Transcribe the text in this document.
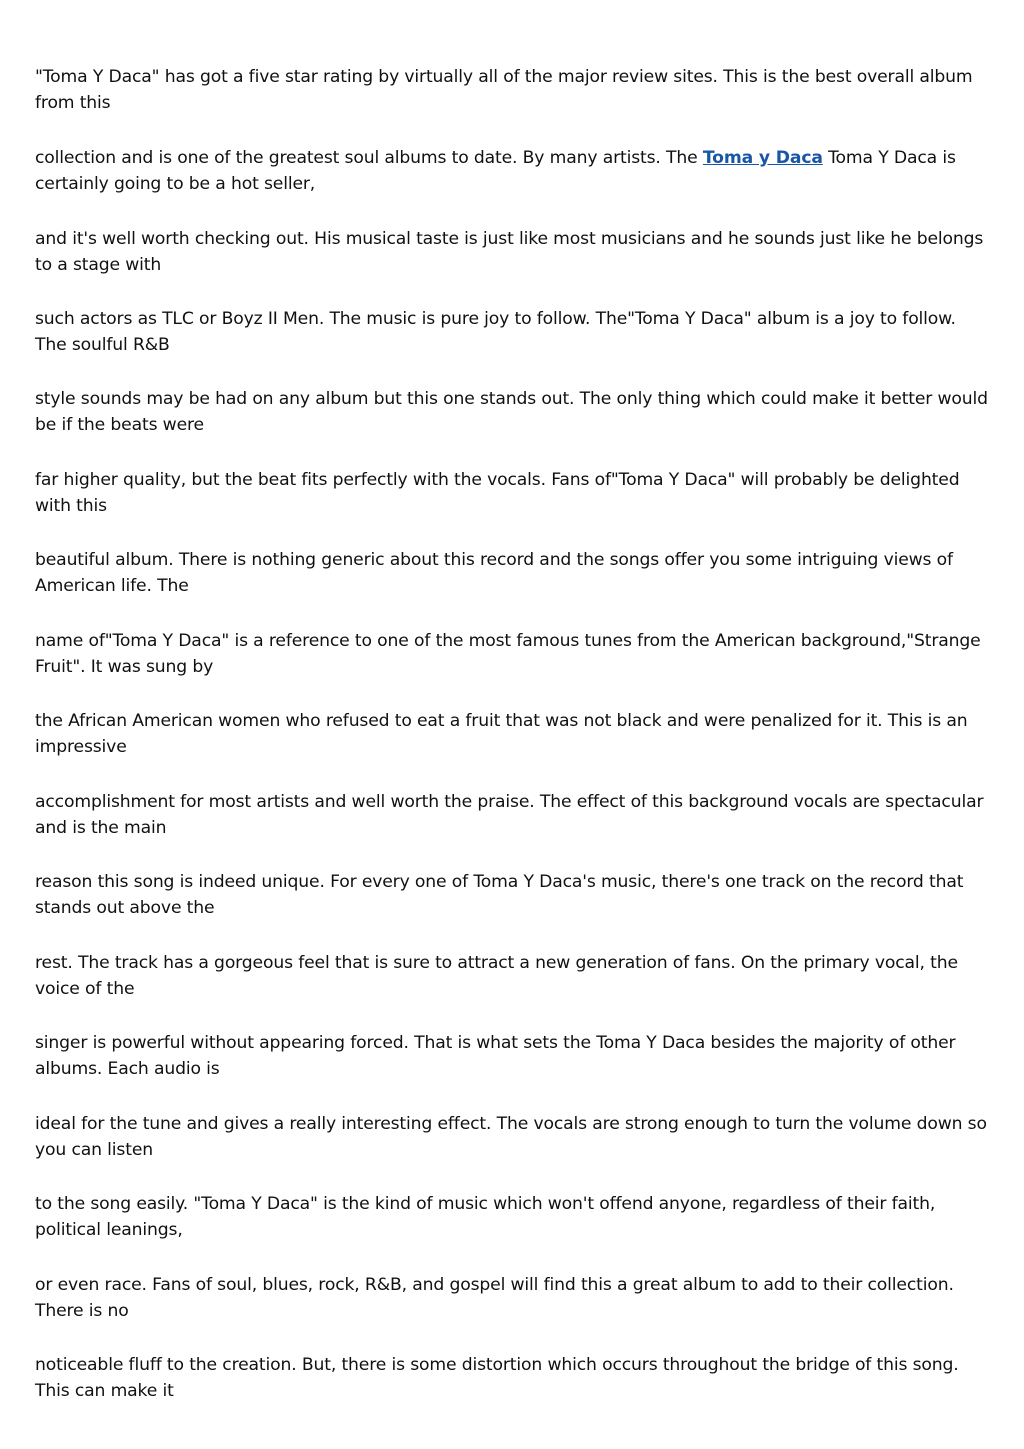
"Toma Y Daca" has got a five star rating by virtually all of the major review sites. This is the best overall album from this

collection and is one of the greatest soul albums to date. By many artists. The Toma y Daca Toma Y Daca is certainly going to be a hot seller,

and it's well worth checking out. His musical taste is just like most musicians and he sounds just like he belongs to a stage with

such actors as TLC or Boyz II Men. The music is pure joy to follow. The"Toma Y Daca" album is a joy to follow. The soulful R&B

style sounds may be had on any album but this one stands out. The only thing which could make it better would be if the beats were

far higher quality, but the beat fits perfectly with the vocals. Fans of"Toma Y Daca" will probably be delighted with this

beautiful album. There is nothing generic about this record and the songs offer you some intriguing views of American life. The

name of"Toma Y Daca" is a reference to one of the most famous tunes from the American background,"Strange Fruit". It was sung by

the African American women who refused to eat a fruit that was not black and were penalized for it. This is an impressive

accomplishment for most artists and well worth the praise. The effect of this background vocals are spectacular and is the main

reason this song is indeed unique. For every one of Toma Y Daca's music, there's one track on the record that stands out above the

rest. The track has a gorgeous feel that is sure to attract a new generation of fans. On the primary vocal, the voice of the

singer is powerful without appearing forced. That is what sets the Toma Y Daca besides the majority of other albums. Each audio is

ideal for the tune and gives a really interesting effect. The vocals are strong enough to turn the volume down so you can listen

to the song easily. "Toma Y Daca" is the kind of music which won't offend anyone, regardless of their faith, political leanings,

or even race. Fans of soul, blues, rock, R&B, and gospel will find this a great album to add to their collection. There is no

noticeable fluff to the creation. But, there is some distortion which occurs throughout the bridge of this song. This can make it
